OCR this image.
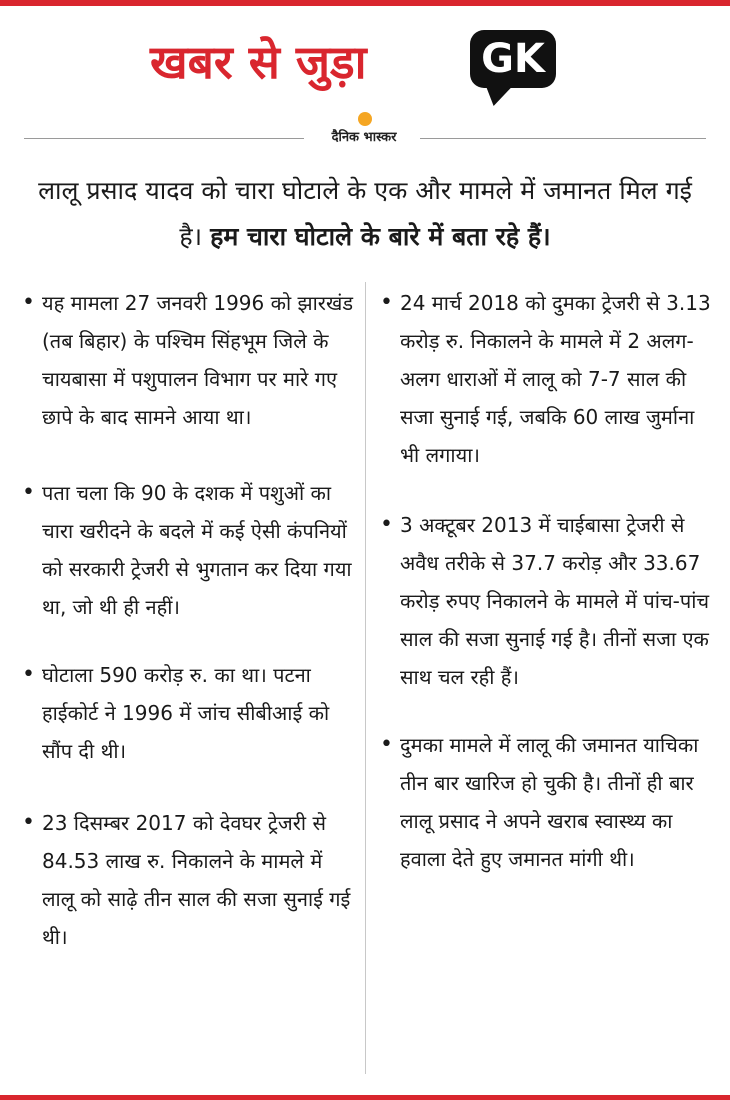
खबर से जुड़ा	GK
दैनिक भास्कर
लालू प्रसाद यादव को चारा घोटाले के एक और मामले में जमानत मिल गई है। हम चारा घोटाले के बारे में बता रहे हैं।
• यह मामला 27 जनवरी 1996 को झारखंड (तब बिहार) के पश्चिम सिंहभूम जिले के चायबासा में पशुपालन विभाग पर मारे गए छापे के बाद सामने आया था।
• पता चला कि 90 के दशक में पशुओं का चारा खरीदने के बदले में कई ऐसी कंपनियों को सरकारी ट्रेजरी से भुगतान कर दिया गया था, जो थी ही नहीं।
• घोटाला 590 करोड़ रु. का था। पटना हाईकोर्ट ने 1996 में जांच सीबीआई को सौंप दी थी।
• 23 दिसम्बर 2017 को देवघर ट्रेजरी से 84.53 लाख रु. निकालने के मामले में लालू को साढ़े तीन साल की सजा सुनाई गई थी।
• 24 मार्च 2018 को दुमका ट्रेजरी से 3.13 करोड़ रु. निकालने के मामले में 2 अलग-अलग धाराओं में लालू को 7-7 साल की सजा सुनाई गई, जबकि 60 लाख जुर्माना भी लगाया।
• 3 अक्टूबर 2013 में चाईबासा ट्रेजरी से अवैध तरीके से 37.7 करोड़ और 33.67 करोड़ रुपए निकालने के मामले में पांच-पांच साल की सजा सुनाई गई है। तीनों सजा एक साथ चल रही हैं।
• दुमका मामले में लालू की जमानत याचिका तीन बार खारिज हो चुकी है। तीनों ही बार लालू प्रसाद ने अपने खराब स्वास्थ्य का हवाला देते हुए जमानत मांगी थी।
